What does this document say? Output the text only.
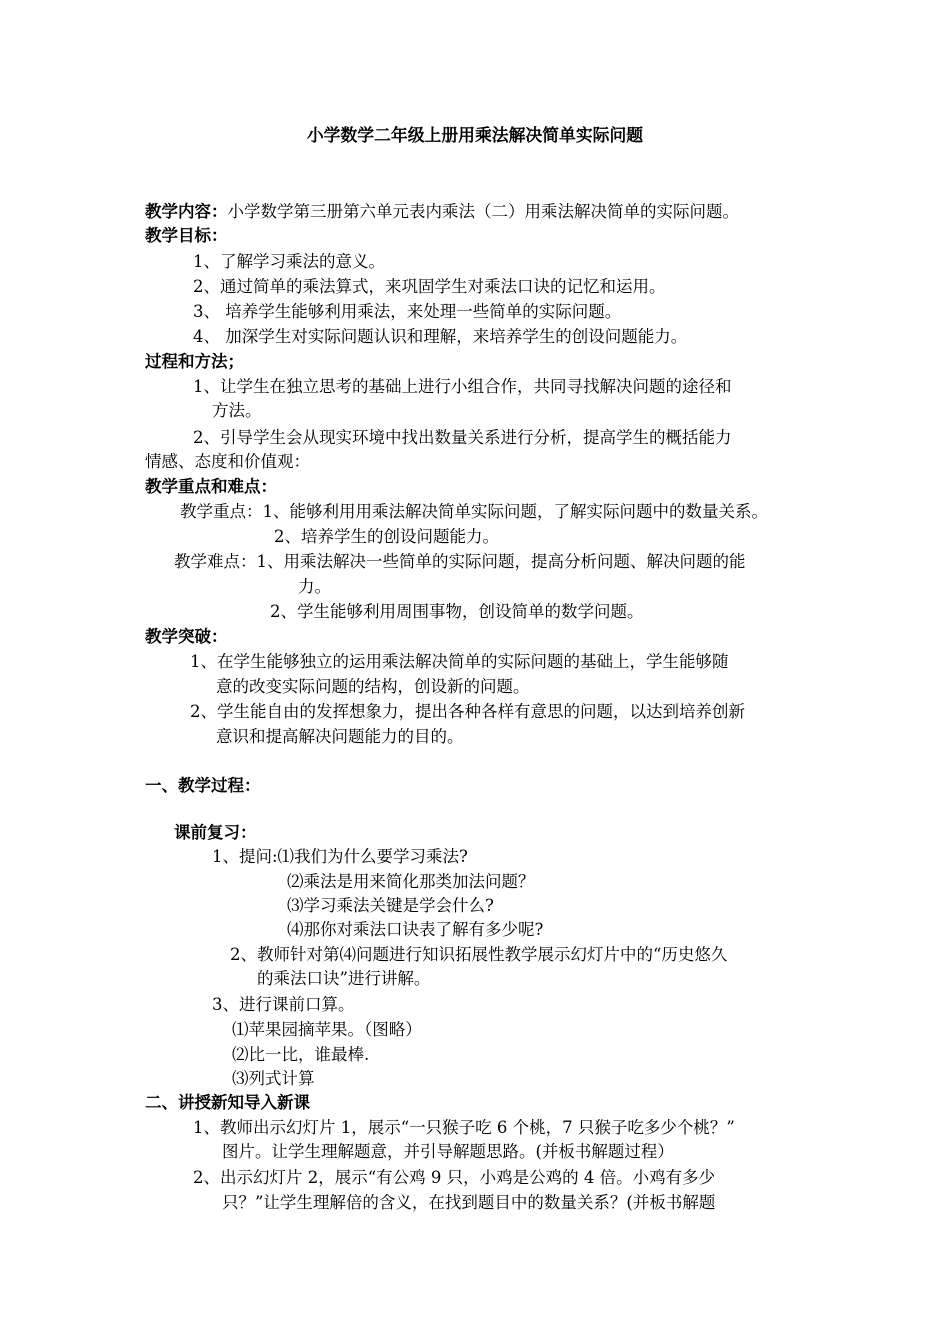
小学数学二年级上册用乘法解决简单实际问题
教学内容：小学数学第三册第六单元表内乘法（二）用乘法解决简单的实际问题。
教学目标：
1、了解学习乘法的意义。
2、通过简单的乘法算式，来巩固学生对乘法口诀的记忆和运用。
3、 培养学生能够利用乘法，来处理一些简单的实际问题。
4、 加深学生对实际问题认识和理解，来培养学生的创设问题能力。
过程和方法；
1、让学生在独立思考的基础上进行小组合作，共同寻找解决问题的途径和
方法。
2、引导学生会从现实环境中找出数量关系进行分析，提高学生的概括能力
情感、态度和价值观：
教学重点和难点：
教学重点：1、能够利用用乘法解决简单实际问题，了解实际问题中的数量关系。
2、培养学生的创设问题能力。
教学难点：1、用乘法解决一些简单的实际问题，提高分析问题、解决问题的能
力。
2、学生能够利用周围事物，创设简单的数学问题。
教学突破：
1、在学生能够独立的运用乘法解决简单的实际问题的基础上，学生能够随
意的改变实际问题的结构，创设新的问题。
2、学生能自由的发挥想象力，提出各种各样有意思的问题，以达到培养创新
意识和提高解决问题能力的目的。
一、教学过程：
课前复习：
1、提问:⑴我们为什么要学习乘法?
⑵乘法是用来简化那类加法问题？
⑶学习乘法关键是学会什么?
⑷那你对乘法口诀表了解有多少呢?
2、教师针对第⑷问题进行知识拓展性教学展示幻灯片中的“历史悠久
的乘法口诀”进行讲解。
3、进行课前口算。
⑴苹果园摘苹果。（图略）
⑵比一比，谁最棒.
⑶列式计算
二、讲授新知导入新课
1、教师出示幻灯片 1，展示“一只猴子吃 6 个桃，7 只猴子吃多少个桃？”
图片。让学生理解题意，并引导解题思路。(并板书解题过程）
2、出示幻灯片 2，展示“有公鸡 9 只，小鸡是公鸡的 4 倍。小鸡有多少
只？”让学生理解倍的含义，在找到题目中的数量关系？(并板书解题
